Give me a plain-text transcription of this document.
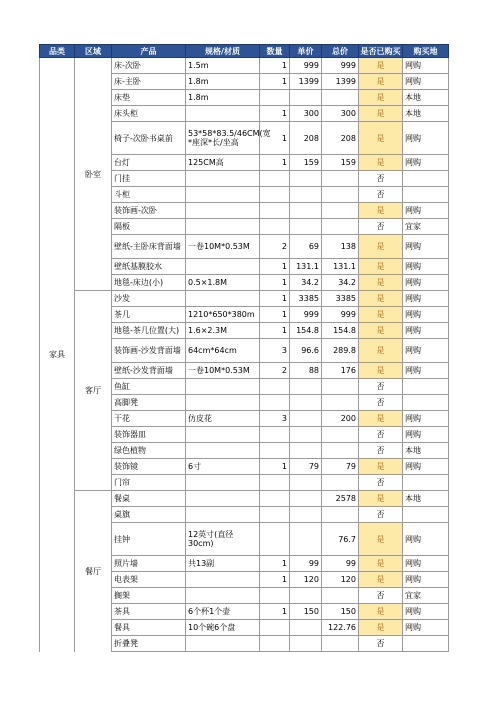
品类	区域	产品	规格/材质	数量	单价	总价	是否已购买	购买地
家具	卧室	床-次卧	1.5m	1	999	999	是	网购
		床-主卧	1.8m	1	1399	1399	是	网购
		床垫	1.8m				是	本地
		床头柜		1	300	300	是	本地
		椅子-次卧书桌前	53*58*83.5/46CM(宽*座深*长/坐高	1	208	208	是	网购
		台灯	125CM高	1	159	159	是	网购
		门挂					否	
		斗柜					否	
		装饰画-次卧					是	网购
		隔板					否	宜家
		壁纸-主卧床背面墙	一卷10M*0.53M	2	69	138	是	网购
		壁纸基膜胶水		1	131.1	131.1	是	网购
		地毯-床边(小)	0.5×1.8M	1	34.2	34.2	是	网购
	客厅	沙发		1	3385	3385	是	网购
		茶几	1210*650*380m	1	999	999	是	网购
		地毯-茶几位置(大)	1.6×2.3M	1	154.8	154.8	是	网购
		装饰画-沙发背面墙	64cm*64cm	3	96.6	289.8	是	网购
		壁纸-沙发背面墙	一卷10M*0.53M	2	88	176	是	网购
		鱼缸					否	
		高脚凳					否	
		干花	仿皮花	3		200	是	网购
		装饰器皿					否	网购
		绿色植物					否	本地
		装饰镜	6寸	1	79	79	是	网购
		门帘					否	
	餐厅	餐桌				2578	是	本地
		桌旗					否	
		挂钟	12英寸(直径30cm)			76.7	是	网购
		照片墙	共13副	1	99	99	是	网购
		电表架		1	120	120	是	网购
		搁架					否	宜家
		茶具	6个杯1个壶	1	150	150	是	网购
		餐具	10个碗6个盘			122.76	是	网购
		折叠凳					否	
